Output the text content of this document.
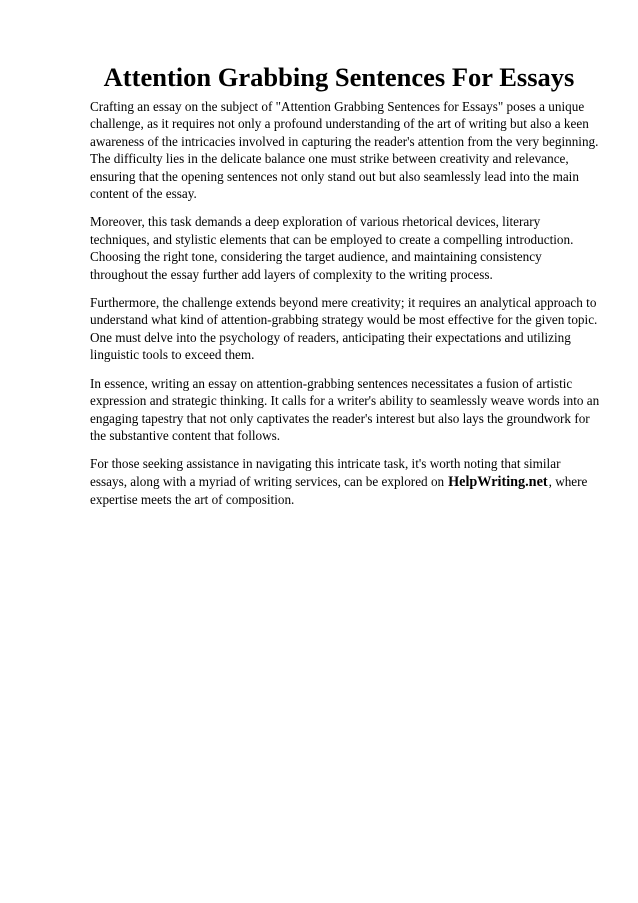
Attention Grabbing Sentences For Essays

Crafting an essay on the subject of "Attention Grabbing Sentences for Essays" poses a unique challenge, as it requires not only a profound understanding of the art of writing but also a keen awareness of the intricacies involved in capturing the reader's attention from the very beginning. The difficulty lies in the delicate balance one must strike between creativity and relevance, ensuring that the opening sentences not only stand out but also seamlessly lead into the main content of the essay.

Moreover, this task demands a deep exploration of various rhetorical devices, literary techniques, and stylistic elements that can be employed to create a compelling introduction. Choosing the right tone, considering the target audience, and maintaining consistency throughout the essay further add layers of complexity to the writing process.

Furthermore, the challenge extends beyond mere creativity; it requires an analytical approach to understand what kind of attention-grabbing strategy would be most effective for the given topic. One must delve into the psychology of readers, anticipating their expectations and utilizing linguistic tools to exceed them.

In essence, writing an essay on attention-grabbing sentences necessitates a fusion of artistic expression and strategic thinking. It calls for a writer's ability to seamlessly weave words into an engaging tapestry that not only captivates the reader's interest but also lays the groundwork for the substantive content that follows.

For those seeking assistance in navigating this intricate task, it's worth noting that similar essays, along with a myriad of writing services, can be explored on HelpWriting.net, where expertise meets the art of composition.
